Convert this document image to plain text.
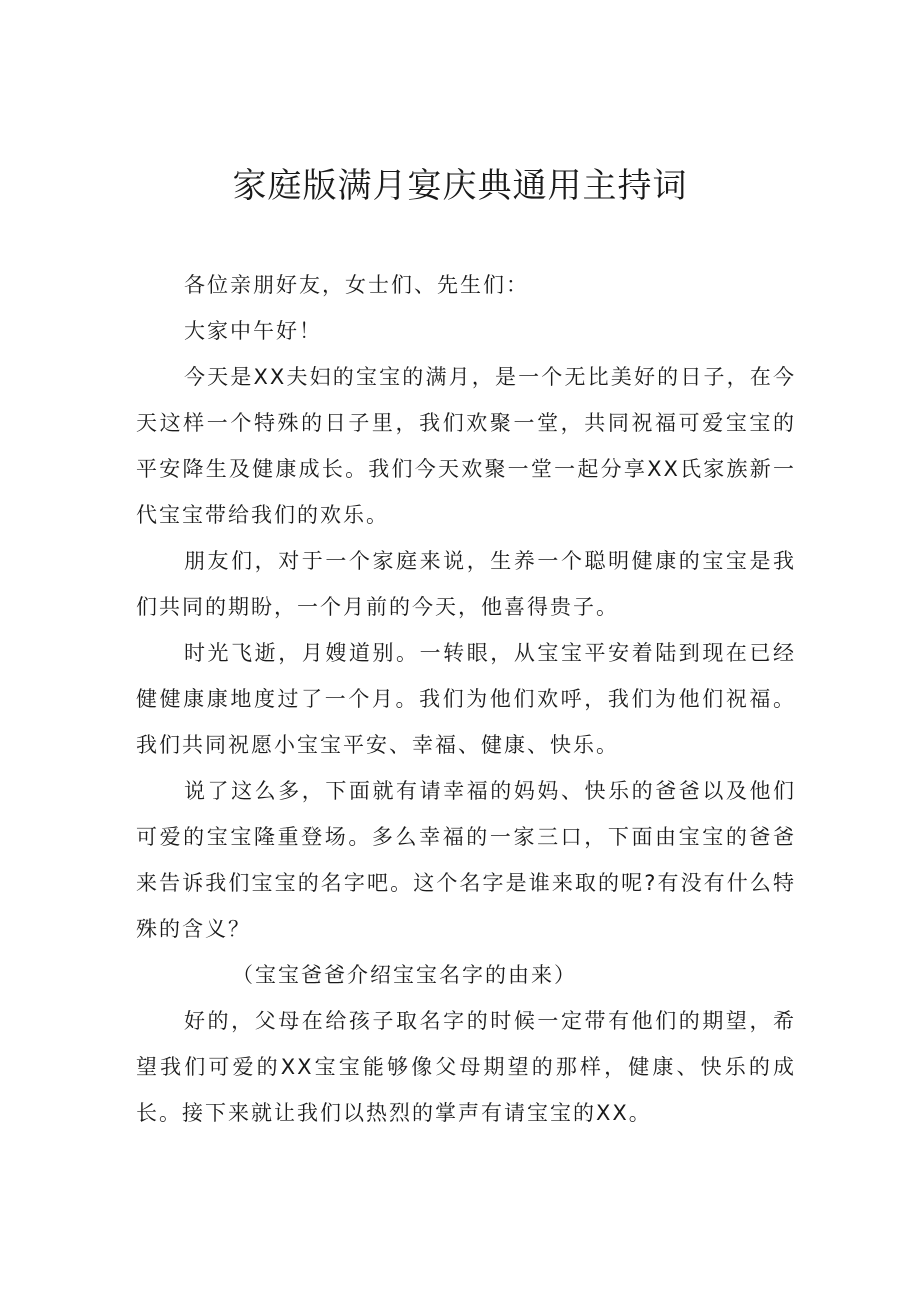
家庭版满月宴庆典通用主持词

各位亲朋好友，女士们、先生们：

大家中午好！

今天是XX夫妇的宝宝的满月，是一个无比美好的日子，在今天这样一个特殊的日子里，我们欢聚一堂，共同祝福可爱宝宝的平安降生及健康成长。我们今天欢聚一堂一起分享XX氏家族新一代宝宝带给我们的欢乐。

朋友们，对于一个家庭来说，生养一个聪明健康的宝宝是我们共同的期盼，一个月前的今天，他喜得贵子。

时光飞逝，月嫂道别。一转眼，从宝宝平安着陆到现在已经健健康康地度过了一个月。我们为他们欢呼，我们为他们祝福。我们共同祝愿小宝宝平安、幸福、健康、快乐。

说了这么多，下面就有请幸福的妈妈、快乐的爸爸以及他们可爱的宝宝隆重登场。多么幸福的一家三口，下面由宝宝的爸爸来告诉我们宝宝的名字吧。这个名字是谁来取的呢?有没有什么特殊的含义？

（宝宝爸爸介绍宝宝名字的由来）

好的，父母在给孩子取名字的时候一定带有他们的期望，希望我们可爱的XX宝宝能够像父母期望的那样，健康、快乐的成长。接下来就让我们以热烈的掌声有请宝宝的XX。
